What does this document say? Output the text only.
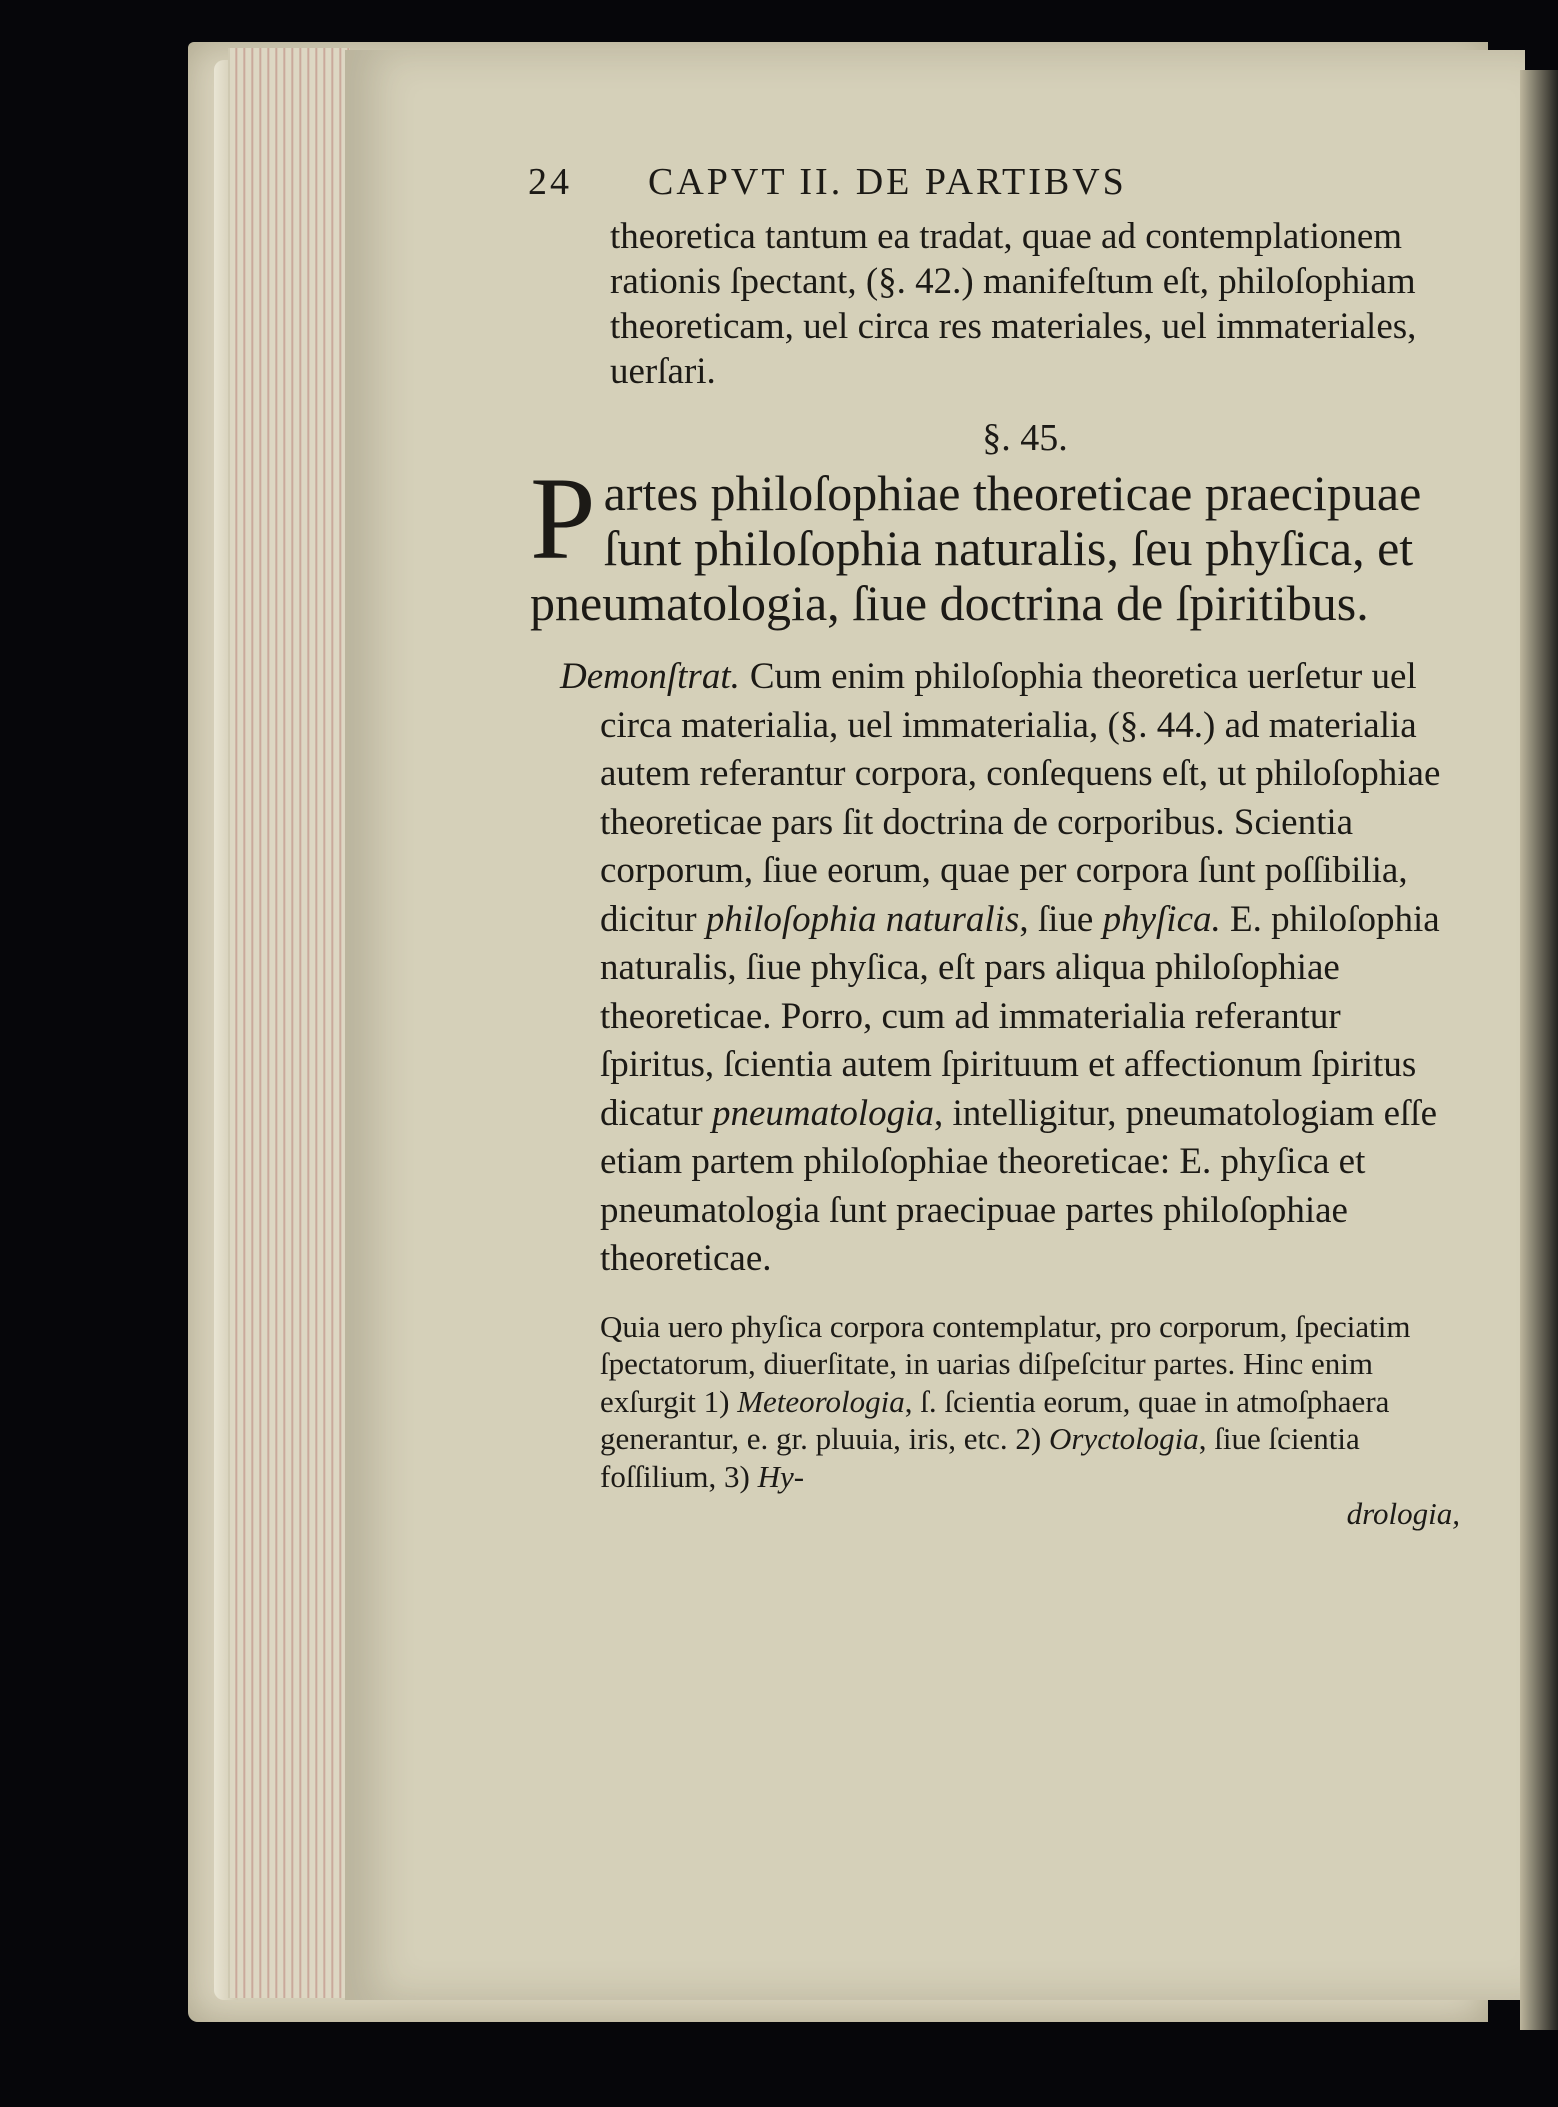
24	CAPVT II. DE PARTIBVS

theoretica tantum ea tradat, quae ad contemplationem rationis ſpectant, (§. 42.) manifeſtum eſt, philoſophiam theoreticam, uel circa res materiales, uel immateriales, uerſari.

§. 45.

Partes philoſophiae theoreticae praecipuae ſunt philoſophia naturalis, ſeu phyſica, et pneumatologia, ſiue doctrina de ſpiritibus.

Demonſtrat. Cum enim philoſophia theoretica uerſetur uel circa materialia, uel immaterialia, (§. 44.) ad materialia autem referantur corpora, conſequens eſt, ut philoſophiae theoreticae pars ſit doctrina de corporibus. Scientia corporum, ſiue eorum, quae per corpora ſunt poſſibilia, dicitur philoſophia naturalis, ſiue phyſica. E. philoſophia naturalis, ſiue phyſica, eſt pars aliqua philoſophiae theoreticae. Porro, cum ad immaterialia referantur ſpiritus, ſcientia autem ſpirituum et affectionum ſpiritus dicatur pneumatologia, intelligitur, pneumatologiam eſſe etiam partem philoſophiae theoreticae: E. phyſica et pneumatologia ſunt praecipuae partes philoſophiae theoreticae.

Quia uero phyſica corpora contemplatur, pro corporum, ſpeciatim ſpectatorum, diuerſitate, in uarias diſpeſcitur partes. Hinc enim exſurgit 1) Meteorologia, ſ. ſcientia eorum, quae in atmoſphaera generantur, e. gr. pluuia, iris, etc. 2) Oryctologia, ſiue ſcientia foſſilium, 3) Hy-

drologia,
